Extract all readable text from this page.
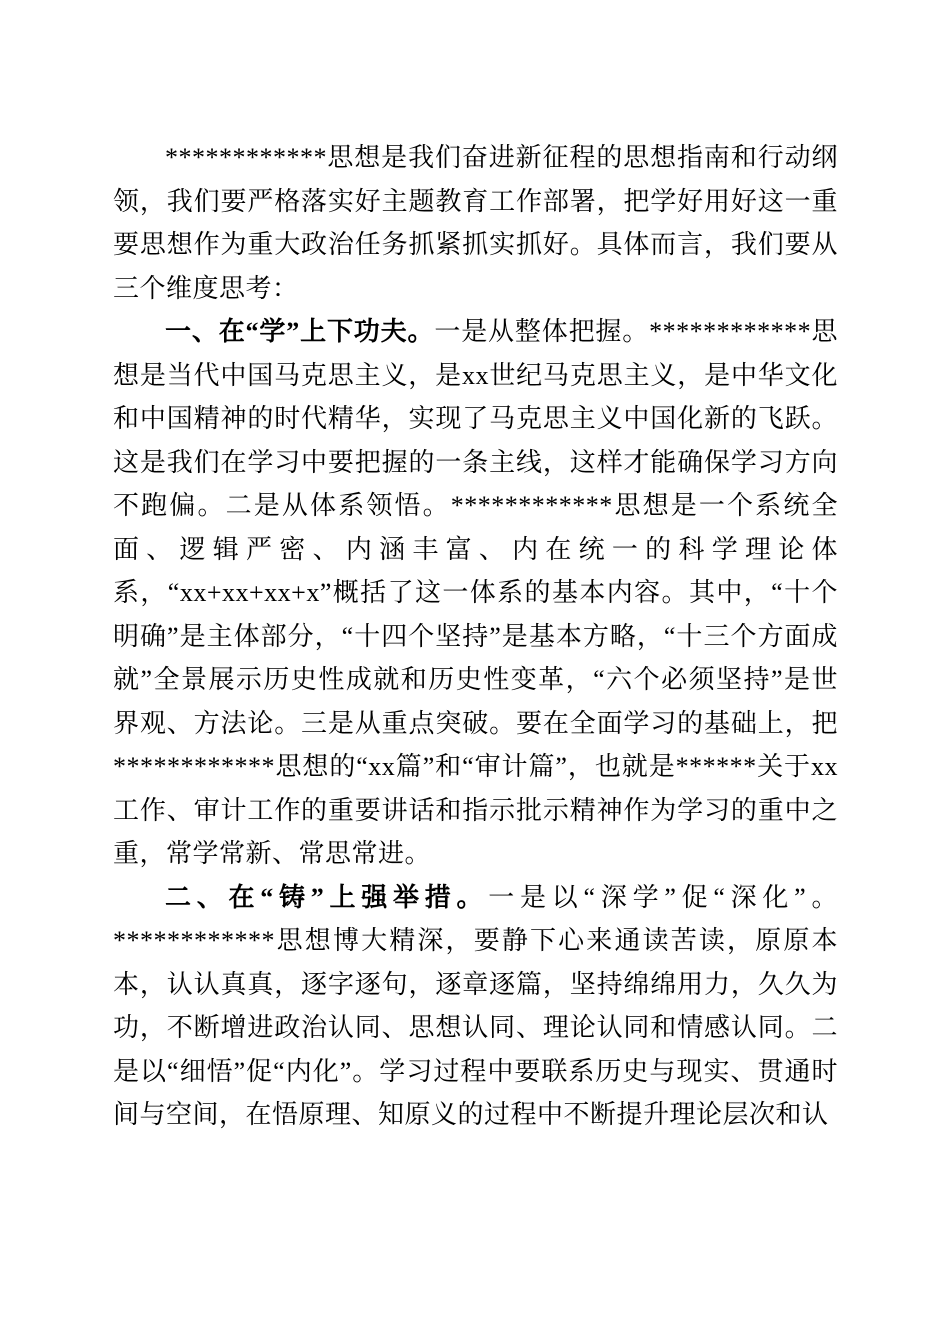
************思想是我们奋进新征程的思想指南和行动纲领，我们要严格落实好主题教育工作部署，把学好用好这一重要思想作为重大政治任务抓紧抓实抓好。具体而言，我们要从三个维度思考：

一、在“学”上下功夫。一是从整体把握。************思想是当代中国马克思主义，是xx世纪马克思主义，是中华文化和中国精神的时代精华，实现了马克思主义中国化新的飞跃。这是我们在学习中要把握的一条主线，这样才能确保学习方向不跑偏。二是从体系领悟。************思想是一个系统全面、逻辑严密、内涵丰富、内在统一的科学理论体系，“xx+xx+xx+x”概括了这一体系的基本内容。其中，“十个明确”是主体部分，“十四个坚持”是基本方略，“十三个方面成就”全景展示历史性成就和历史性变革，“六个必须坚持”是世界观、方法论。三是从重点突破。要在全面学习的基础上，把************思想的“xx篇”和“审计篇”，也就是******关于xx工作、审计工作的重要讲话和指示批示精神作为学习的重中之重，常学常新、常思常进。

二、在“铸”上强举措。一是以“深学”促“深化”。************思想博大精深，要静下心来通读苦读，原原本本，认认真真，逐字逐句，逐章逐篇，坚持绵绵用力，久久为功，不断增进政治认同、思想认同、理论认同和情感认同。二是以“细悟”促“内化”。学习过程中要联系历史与现实、贯通时间与空间，在悟原理、知原义的过程中不断提升理论层次和认
